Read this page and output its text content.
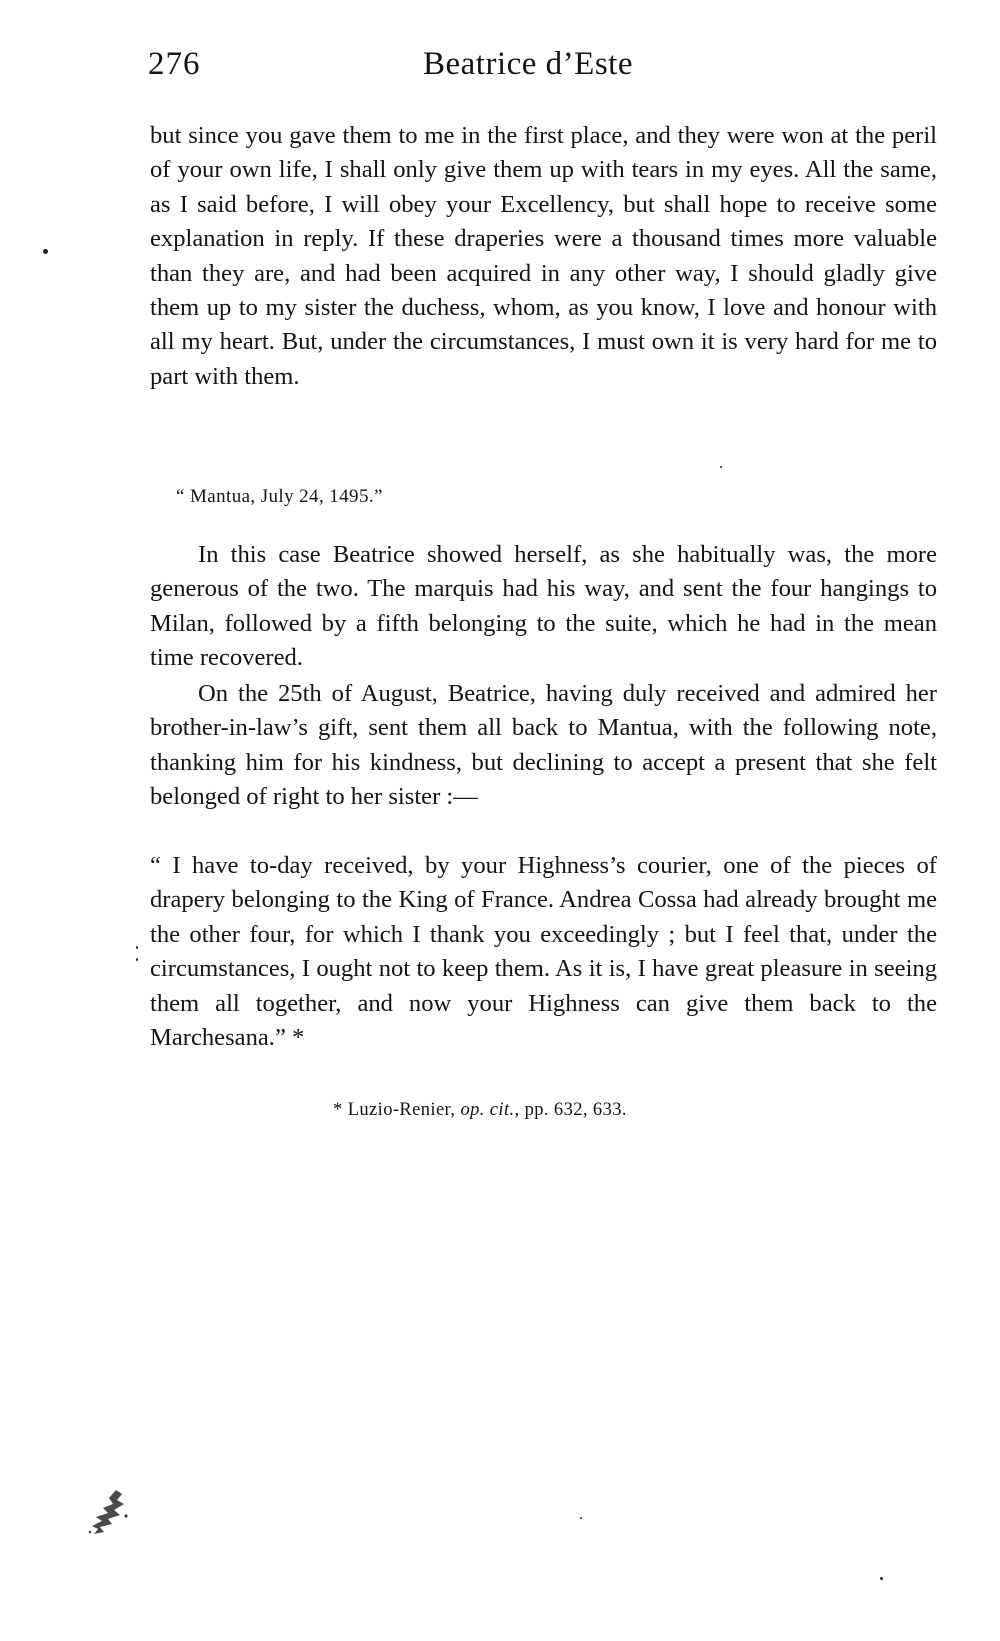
276	Beatrice d’Este

but since you gave them to me in the first place, and they were won at the peril of your own life, I shall only give them up with tears in my eyes. All the same, as I said before, I will obey your Excellency, but shall hope to receive some explanation in reply. If these draperies were a thousand times more valuable than they are, and had been acquired in any other way, I should gladly give them up to my sister the duchess, whom, as you know, I love and honour with all my heart. But, under the circumstances, I must own it is very hard for me to part with them.

“ Mantua, July 24, 1495.”

In this case Beatrice showed herself, as she habitually was, the more generous of the two. The marquis had his way, and sent the four hangings to Milan, followed by a fifth belonging to the suite, which he had in the mean time recovered.

On the 25th of August, Beatrice, having duly received and admired her brother-in-law’s gift, sent them all back to Mantua, with the following note, thanking him for his kindness, but declining to accept a present that she felt belonged of right to her sister :—

“ I have to-day received, by your Highness’s courier, one of the pieces of drapery belonging to the King of France. Andrea Cossa had already brought me the other four, for which I thank you exceedingly ; but I feel that, under the circumstances, I ought not to keep them. As it is, I have great pleasure in seeing them all together, and now your Highness can give them back to the Marchesana.” *

* Luzio-Renier, op. cit., pp. 632, 633.
